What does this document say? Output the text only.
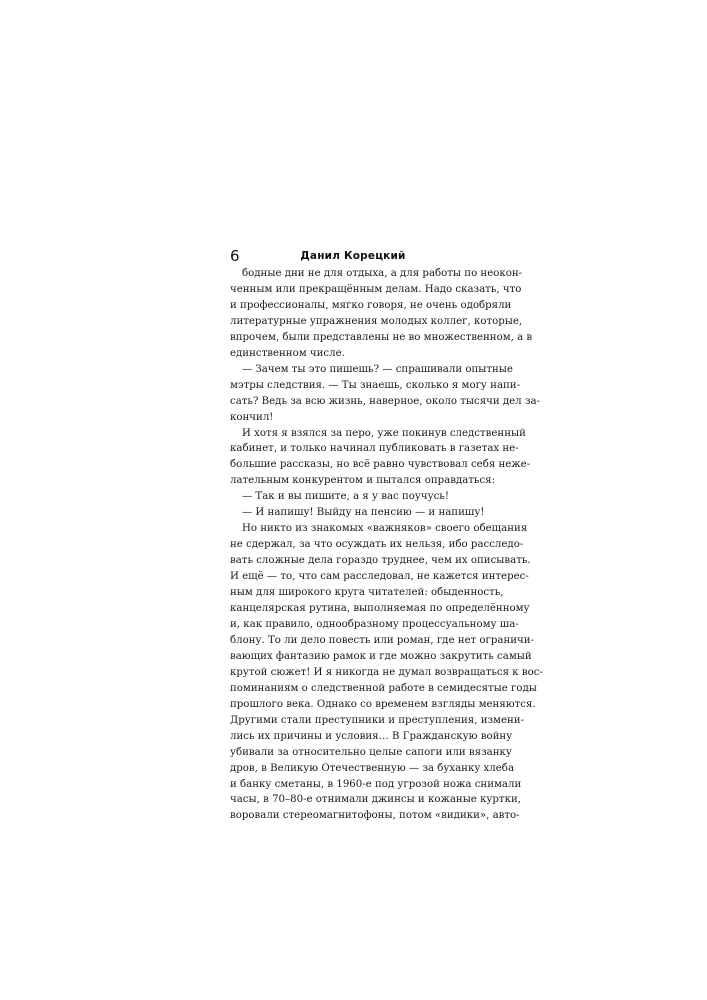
6	Данил Корецкий

бодные дни не для отдыха, а для работы по неокон-
ченным или прекращённым делам. Надо сказать, что
и профессионалы, мягко говоря, не очень одобряли
литературные упражнения молодых коллег, которые,
впрочем, были представлены не во множественном, а в
единственном числе.

— Зачем ты это пишешь? — спрашивали опытные
мэтры следствия. — Ты знаешь, сколько я могу напи-
сать? Ведь за всю жизнь, наверное, около тысячи дел за-
кончил!

И хотя я взялся за перо, уже покинув следственный
кабинет, и только начинал публиковать в газетах не-
большие рассказы, но всё равно чувствовал себя нежe-
лательным конкурентом и пытался оправдаться:

— Так и вы пишите, а я у вас поучусь!

— И напишу! Выйду на пенсию — и напишу!

Но никто из знакомых «важняков» своего обещания
не сдержал, за что осуждать их нельзя, ибо расследо-
вать сложные дела гораздо труднее, чем их описывать.
И ещё — то, что сам расследовал, не кажется интерес-
ным для широкого круга читателей: обыденность,
канцелярская рутина, выполняемая по определённому
и, как правило, однообразному процессуальному ша-
блону. То ли дело повесть или роман, где нет ограничи-
вающих фантазию рамок и где можно закрутить самый
крутой сюжет! И я никогда не думал возвращаться к вос-
поминаниям о следственной работе в семидесятые годы
прошлого века. Однако со временем взгляды меняются.
Другими стали преступники и преступления, измени-
лись их причины и условия… В Гражданскую войну
убивали за относительно целые сапоги или вязанку
дров, в Великую Отечественную — за буханку хлеба
и банку сметаны, в 1960-е под угрозой ножа снимали
часы, в 70–80-е отнимали джинсы и кожаные куртки,
воровали стереомагнитофоны, потом «видики», авто-
